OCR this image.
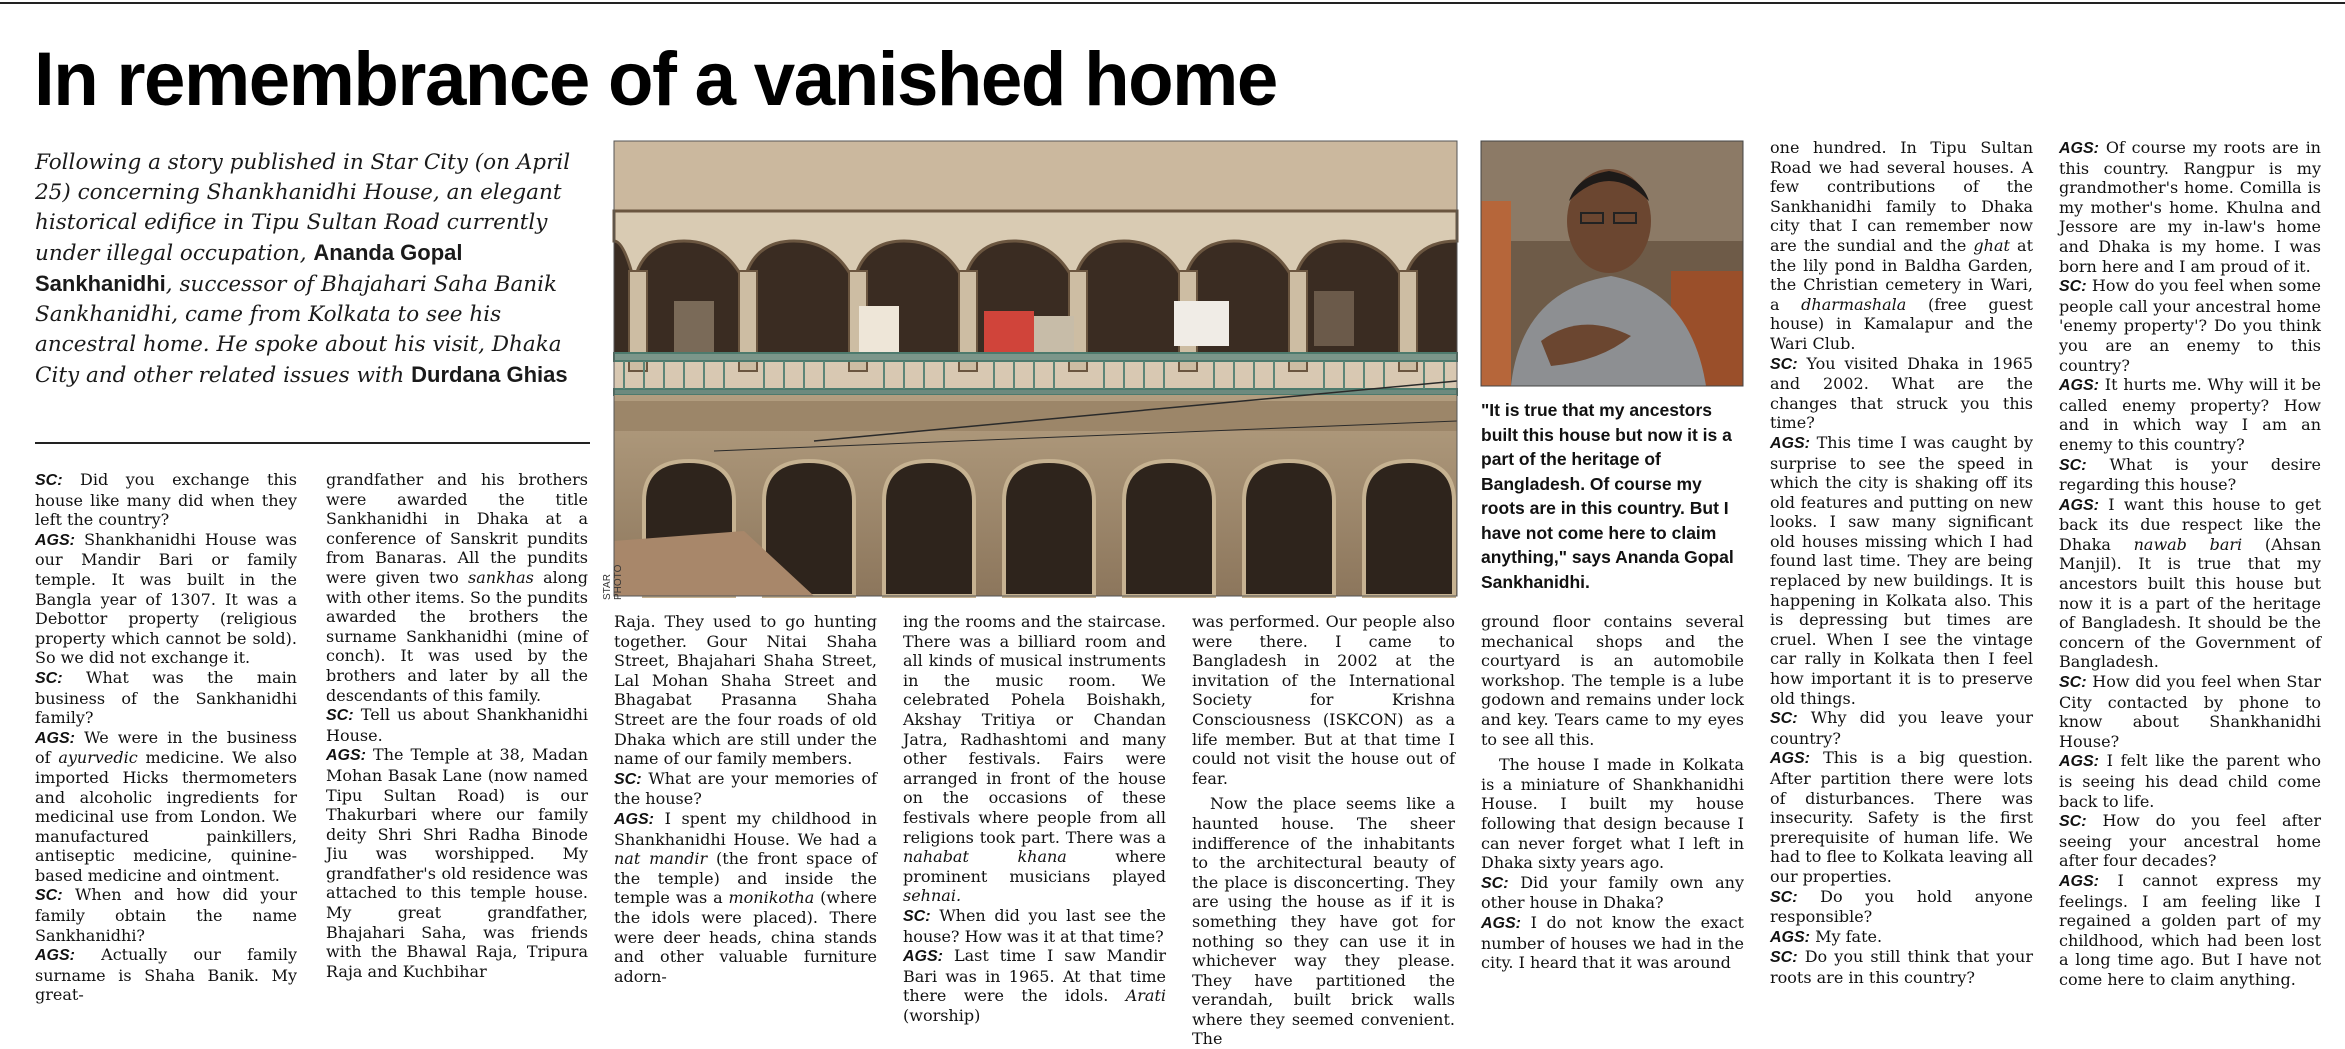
In remembrance of a vanished home
Following a story published in Star City (on April 25) concerning Shankhanidhi House, an elegant historical edifice in Tipu Sultan Road currently under illegal occupation, Ananda Gopal Sankhanidhi, successor of Bhajahari Saha Banik Sankhanidhi, came from Kolkata to see his ancestral home. He spoke about his visit, Dhaka City and other related issues with Durdana Ghias

SC: Did you exchange this house like many did when they left the country?

AGS: Shankhanidhi House was our Mandir Bari or family temple. It was built in the Bangla year of 1307. It was a Debottor property (religious property which cannot be sold). So we did not exchange it.

SC: What was the main business of the Sankhanidhi family?

AGS: We were in the business of ayurvedic medicine. We also imported Hicks thermometers and alcoholic ingredients for medicinal use from London. We manufactured painkillers, antiseptic medicine, quinine-based medicine and ointment.

SC: When and how did your family obtain the name Sankhanidhi?

AGS: Actually our family surname is Shaha Banik. My great-

grandfather and his brothers were awarded the title Sankhanidhi in Dhaka at a conference of Sanskrit pundits from Banaras. All the pundits were given two sankhas along with other items. So the pundits awarded the brothers the surname Sankhanidhi (mine of conch). It was used by the brothers and later by all the descendants of this family.

SC: Tell us about Shankhanidhi House.

AGS: The Temple at 38, Madan Mohan Basak Lane (now named Tipu Sultan Road) is our Thakurbari where our family deity Shri Shri Radha Binode Jiu was worshipped. My grandfather's old residence was attached to this temple house. My great grandfather, Bhajahari Saha, was friends with the Bhawal Raja, Tripura Raja and Kuchbihar

STAR PHOTO
"It is true that my ancestors built this house but now it is a part of the heritage of Bangladesh. Of course my roots are in this country. But I have not come here to claim anything," says Ananda Gopal Sankhanidhi.

Raja. They used to go hunting together. Gour Nitai Shaha Street, Bhajahari Shaha Street, Lal Mohan Shaha Street and Bhagabat Prasanna Shaha Street are the four roads of old Dhaka which are still under the name of our family members.

SC: What are your memories of the house?

AGS: I spent my childhood in Shankhanidhi House. We had a nat mandir (the front space of the temple) and inside the temple was a monikotha (where the idols were placed). There were deer heads, china stands and other valuable furniture adorn-

ing the rooms and the staircase. There was a billiard room and all kinds of musical instruments in the music room. We celebrated Pohela Boishakh, Akshay Tritiya or Chandan Jatra, Radhashtomi and many other festivals. Fairs were arranged in front of the house on the occasions of these festivals where people from all religions took part. There was a nahabat khana	where prominent musicians played sehnai.

SC: When did you last see the house? How was it at that time?

AGS: Last time I saw Mandir Bari was in 1965. At that time there were the idols. Arati (worship)

was performed. Our people also were there. I came to Bangladesh in 2002 at the invitation of the International Society for Krishna Consciousness (ISKCON) as a life member. But at that time I could not visit the house out of fear.

Now the place seems like a haunted house. The sheer indifference of the inhabitants to the architectural beauty of the place is disconcerting. They are using the house as if it is something they have got for nothing so they can use it in whichever way they please. They have partitioned the verandah, built brick walls where they seemed convenient. The

ground floor contains several mechanical shops and the courtyard is an automobile workshop. The temple is a lube godown and remains under lock and key. Tears came to my eyes to see all this.

The house I made in Kolkata is a miniature of Shankhanidhi House. I built my house following that design because I can never forget what I left in Dhaka sixty years ago.

SC: Did your family own any other house in Dhaka?

AGS: I do not know the exact number of houses we had in the city. I heard that it was around

one hundred. In Tipu Sultan Road we had several houses. A few contributions of the Sankhanidhi family to Dhaka city that I can remember now are the sundial and the ghat at the lily pond in Baldha Garden, the Christian cemetery in Wari, a dharmashala (free guest house) in Kamalapur and the Wari Club.

SC: You visited Dhaka in 1965 and 2002. What are the changes that struck you this time?

AGS: This time I was caught by surprise to see the speed in which the city is shaking off its old features and putting on new looks. I saw many significant old houses missing which I had found last time. They are being replaced by new buildings. It is happening in Kolkata also. This is depressing but times are cruel. When I see the vintage car rally in Kolkata then I feel how important it is to preserve old things.

SC: Why did you leave your country?

AGS: This is a big question. After partition there were lots of disturbances. There was insecurity. Safety is the first prerequisite of human life. We had to flee to Kolkata leaving all our properties.

SC: Do you hold anyone responsible?

AGS: My fate.

SC: Do you still think that your roots are in this country?

AGS: Of course my roots are in this country. Rangpur is my grandmother's home. Comilla is my mother's home. Khulna and Jessore are my in-law's home and Dhaka is my home. I was born here and I am proud of it.

SC: How do you feel when some people call your ancestral home 'enemy property'? Do you think you are an enemy to this country?

AGS: It hurts me. Why will it be called enemy property? How and in which way I am an enemy to this country?

SC: What is your desire regarding this house?

AGS: I want this house to get back its due respect like the Dhaka nawab bari (Ahsan Manjil). It is true that my ancestors built this house but now it is a part of the heritage of Bangladesh. It should be the concern of the Government of Bangladesh.

SC: How did you feel when Star City contacted by phone to know about Shankhanidhi House?

AGS: I felt like the parent who is seeing his dead child come back to life.

SC: How do you feel after seeing your ancestral home after four decades?

AGS: I cannot express my feelings. I am feeling like I regained a golden part of my childhood, which had been lost a long time ago. But I have not come here to claim anything.
